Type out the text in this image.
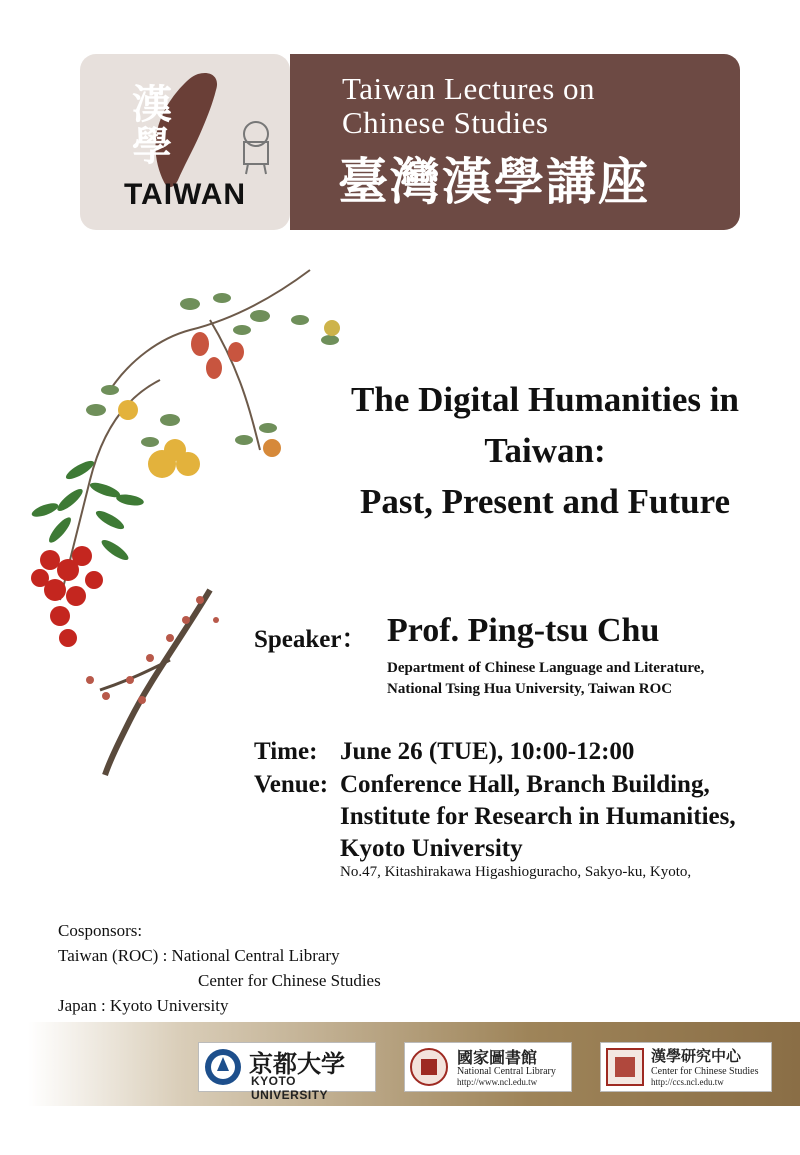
漢學
TAIWAN
Taiwan Lectures on
Chinese Studies
臺灣漢學講座
The Digital Humanities in
Taiwan:
Past, Present and Future
Speaker： Prof. Ping-tsu Chu
Department of Chinese Language and Literature,
National Tsing Hua University, Taiwan ROC
Time: June 26 (TUE), 10:00-12:00
Venue: Conference Hall, Branch Building,
Institute for Research in Humanities,
Kyoto University
No.47, Kitashirakawa Higashioguracho, Sakyo-ku, Kyoto,
Cosponsors:
Taiwan (ROC) : National Central Library
Center for Chinese Studies
Japan : Kyoto University
京都大学
KYOTO UNIVERSITY
國家圖書館
National Central Library
http://www.ncl.edu.tw
漢學研究中心
Center for Chinese Studies
http://ccs.ncl.edu.tw
